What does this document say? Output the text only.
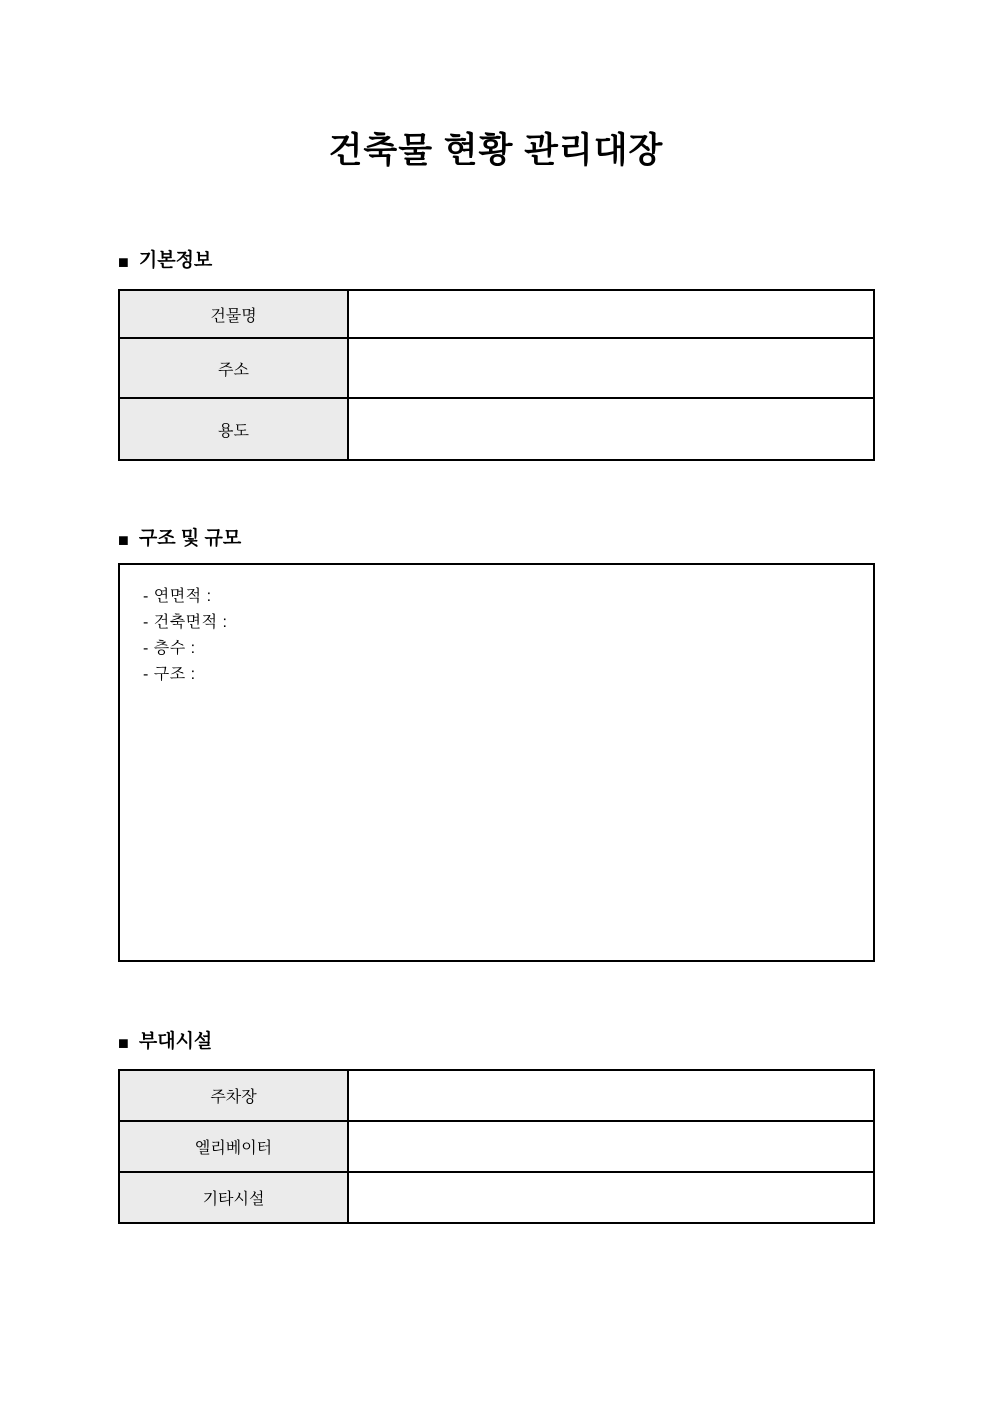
건축물 현황 관리대장
■ 기본정보
건물명	
주소	
용도	
■ 구조 및 규모
- 연면적 :
- 건축면적 :
- 층수 :
- 구조 :
■ 부대시설
주차장	
엘리베이터	
기타시설	
